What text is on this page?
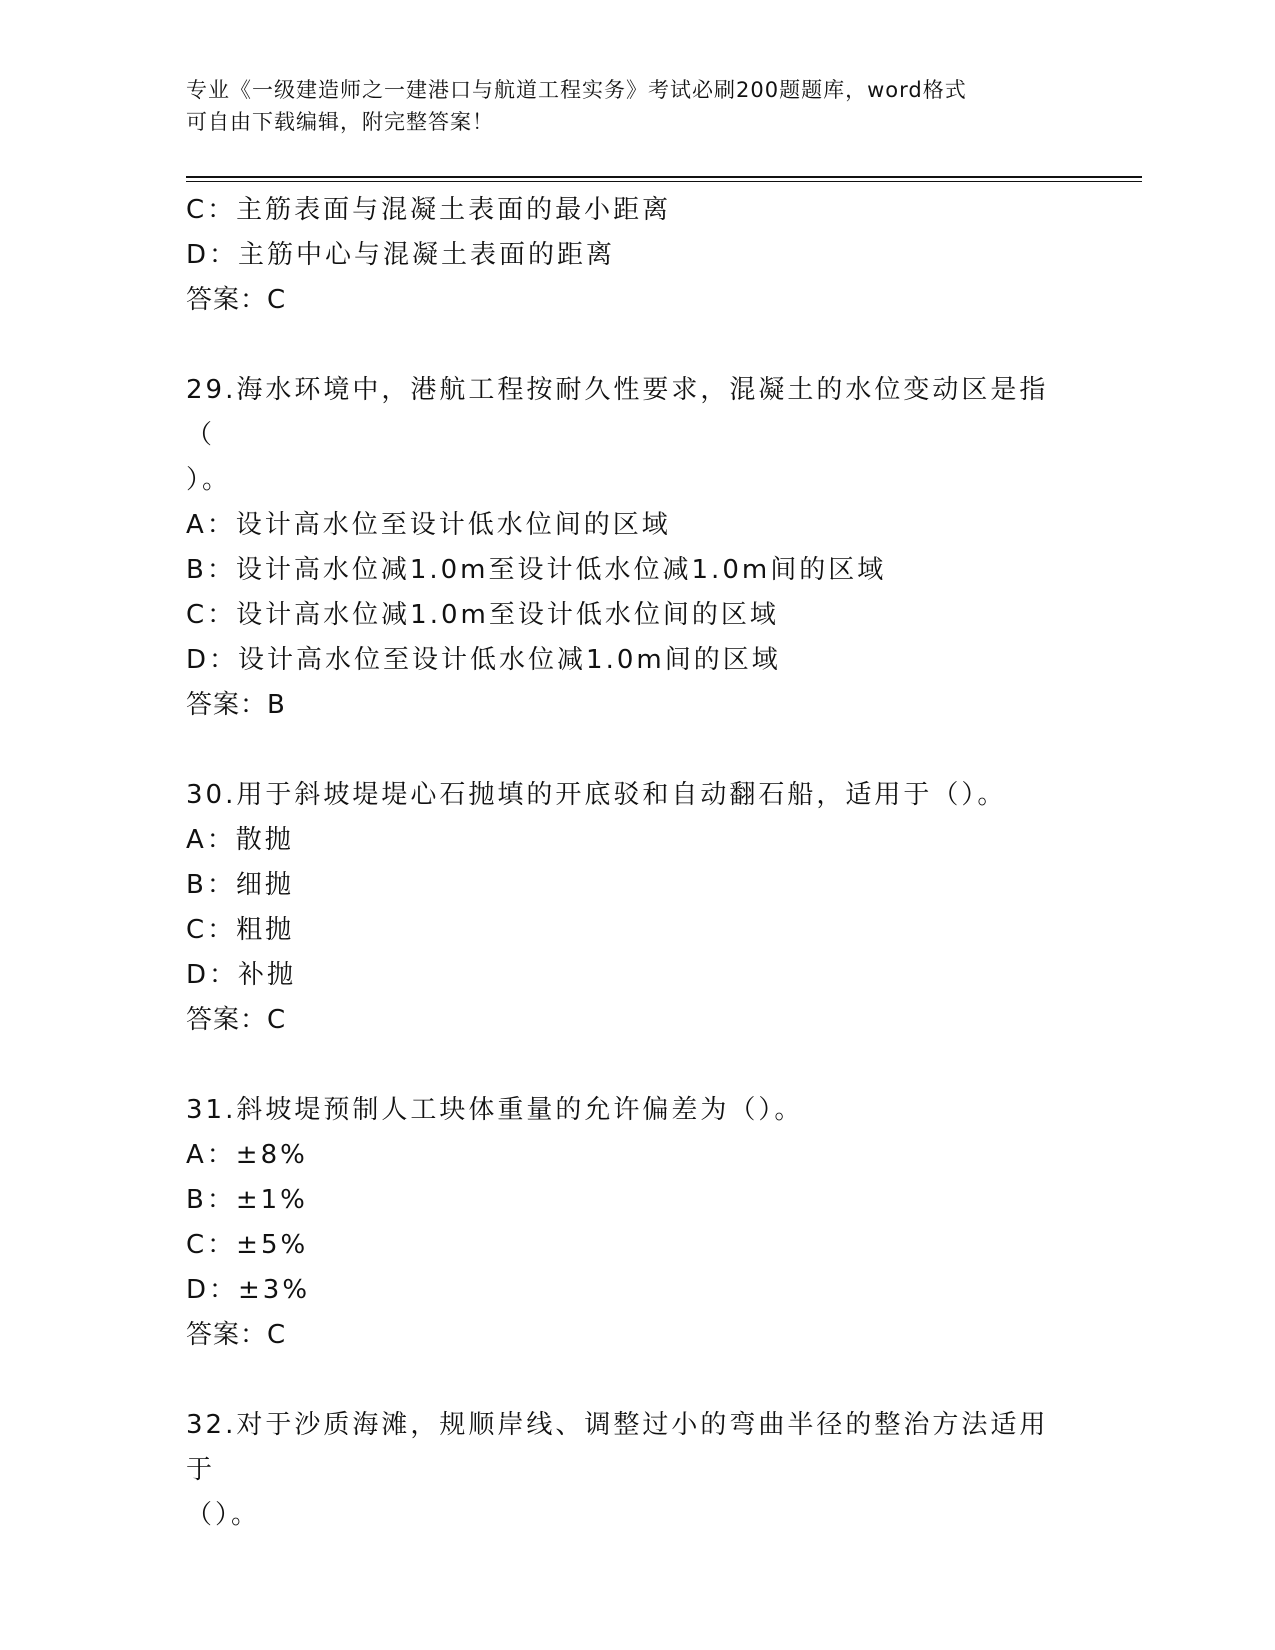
专业《一级建造师之一建港口与航道工程实务》考试必刷200题题库，word格式
可自由下载编辑，附完整答案！
C：主筋表面与混凝土表面的最小距离
D：主筋中心与混凝土表面的距离
答案：C
29.海水环境中，港航工程按耐久性要求，混凝土的水位变动区是指（
）。
A：设计高水位至设计低水位间的区域
B：设计高水位减1.0m至设计低水位减1.0m间的区域
C：设计高水位减1.0m至设计低水位间的区域
D：设计高水位至设计低水位减1.0m间的区域
答案：B
30.用于斜坡堤堤心石抛填的开底驳和自动翻石船，适用于（）。
A：散抛
B：细抛
C：粗抛
D：补抛
答案：C
31.斜坡堤预制人工块体重量的允许偏差为（）。
A：±8%
B：±1%
C：±5%
D：±3%
答案：C
32.对于沙质海滩，规顺岸线、调整过小的弯曲半径的整治方法适用于
（）。
